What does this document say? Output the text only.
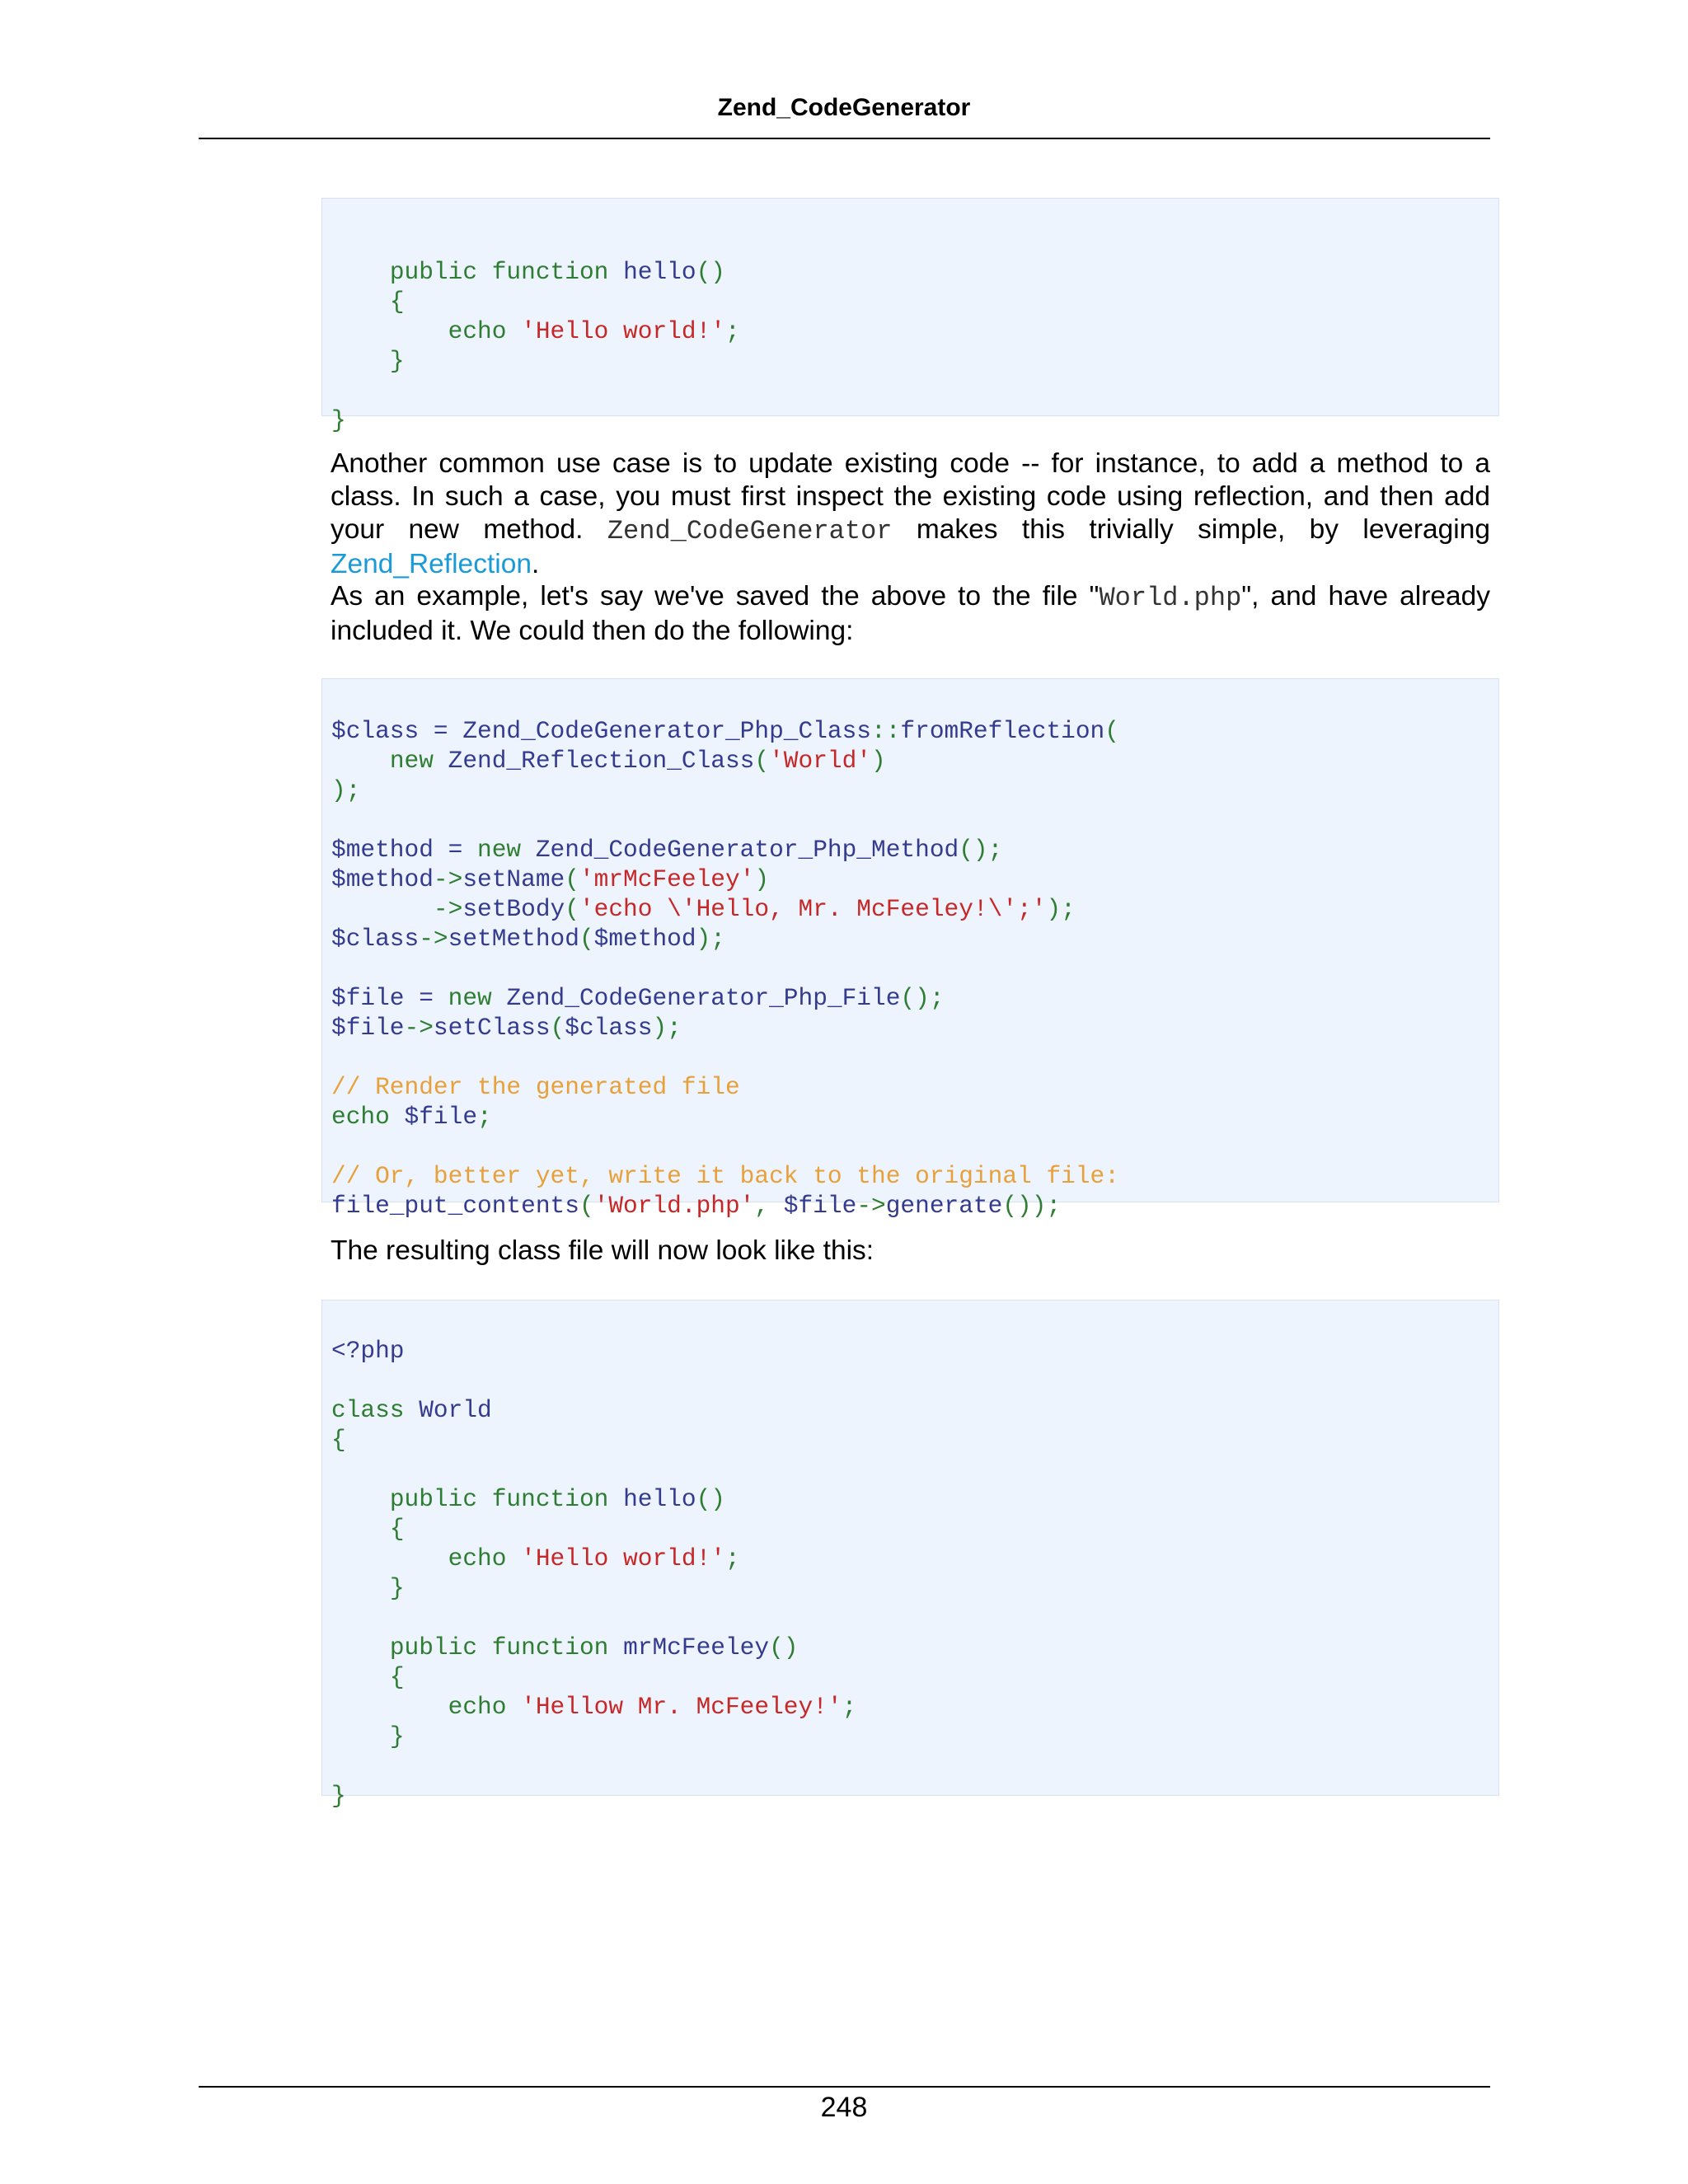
Zend_CodeGenerator

public function hello()
{
echo 'Hello world!';
}

}
Another common use case is to update existing code -- for instance, to add a method to a class. In such a case, you must first inspect the existing code using reflection, and then add your new method. Zend_CodeGenerator makes this trivially simple, by leveraging Zend_Reflection.
As an example, let's say we've saved the above to the file "World.php", and have already included it. We could then do the following:

$class = Zend_CodeGenerator_Php_Class::fromReflection(
new Zend_Reflection_Class('World')
);

$method = new Zend_CodeGenerator_Php_Method();
$method->setName('mrMcFeeley')
->setBody('echo \'Hello, Mr. McFeeley!\';');
$class->setMethod($method);

$file = new Zend_CodeGenerator_Php_File();
$file->setClass($class);

// Render the generated file
echo $file;

// Or, better yet, write it back to the original file:
file_put_contents('World.php', $file->generate());
The resulting class file will now look like this:

<?php

class World
{

public function hello()
{
echo 'Hello world!';
}

public function mrMcFeeley()
{
echo 'Hellow Mr. McFeeley!';
}

}
248
